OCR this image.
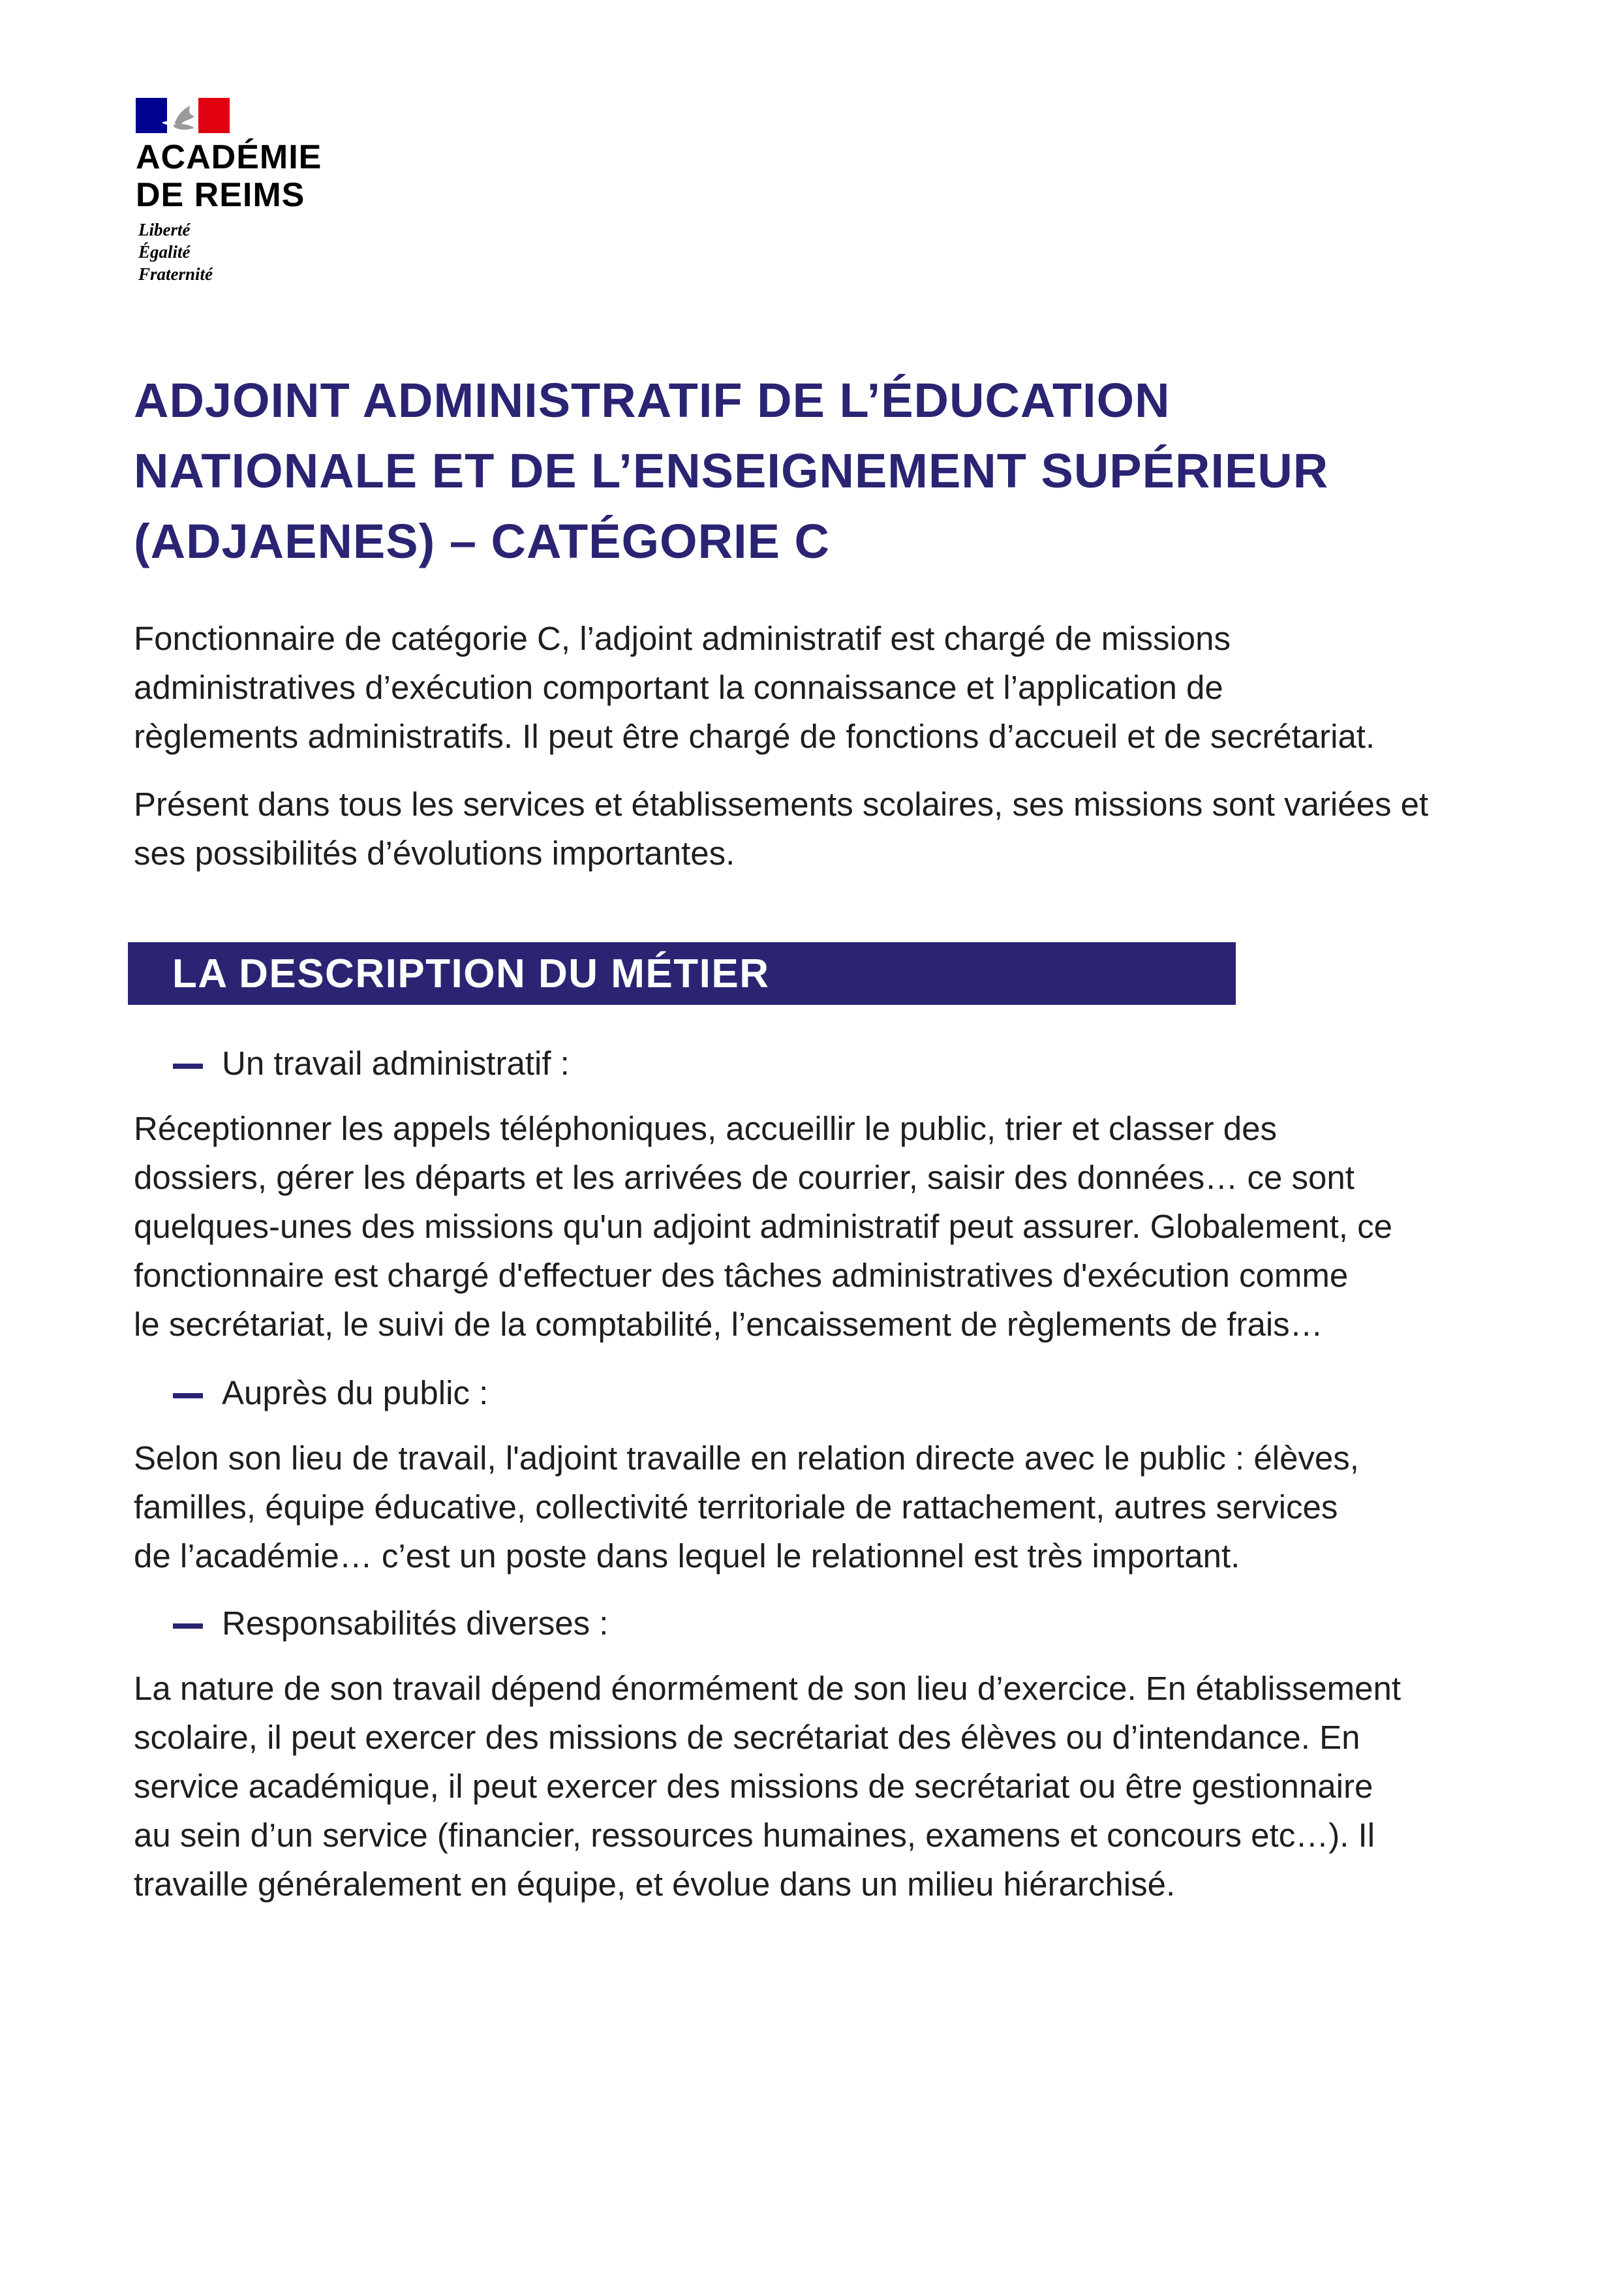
ACADÉMIE
DE REIMS
Liberté
Égalité
Fraternité
ADJOINT ADMINISTRATIF DE L’ÉDUCATION
NATIONALE ET DE L’ENSEIGNEMENT SUPÉRIEUR
(ADJAENES) – CATÉGORIE C
Fonctionnaire de catégorie C, l’adjoint administratif est chargé de missions
administratives d’exécution comportant la connaissance et l’application de
règlements administratifs. Il peut être chargé de fonctions d’accueil et de secrétariat.
Présent dans tous les services et établissements scolaires, ses missions sont variées et
ses possibilités d’évolutions importantes.
LA DESCRIPTION DU MÉTIER
Un travail administratif :
Réceptionner les appels téléphoniques, accueillir le public, trier et classer des
dossiers, gérer les départs et les arrivées de courrier, saisir des données… ce sont
quelques-unes des missions qu'un adjoint administratif peut assurer. Globalement, ce
fonctionnaire est chargé d'effectuer des tâches administratives d'exécution comme
le secrétariat, le suivi de la comptabilité, l’encaissement de règlements de frais…
Auprès du public :
Selon son lieu de travail, l'adjoint travaille en relation directe avec le public : élèves,
familles, équipe éducative, collectivité territoriale de rattachement, autres services
de l’académie… c’est un poste dans lequel le relationnel est très important.
Responsabilités diverses :
La nature de son travail dépend énormément de son lieu d’exercice. En établissement
scolaire, il peut exercer des missions de secrétariat des élèves ou d’intendance. En
service académique, il peut exercer des missions de secrétariat ou être gestionnaire
au sein d’un service (financier, ressources humaines, examens et concours etc…). Il
travaille généralement en équipe, et évolue dans un milieu hiérarchisé.
